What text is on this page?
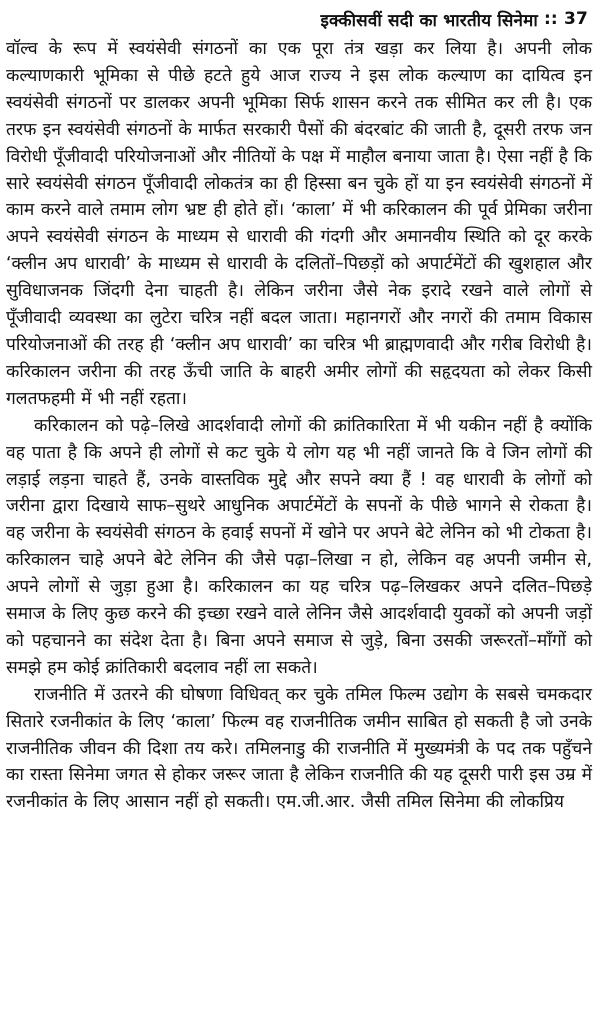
इक्कीसवीं सदी का भारतीय सिनेमा :: 37

वॉल्व के रूप में स्वयंसेवी संगठनों का एक पूरा तंत्र खड़ा कर लिया है। अपनी लोक कल्याणकारी भूमिका से पीछे हटते हुये आज राज्य ने इस लोक कल्याण का दायित्व इन स्वयंसेवी संगठनों पर डालकर अपनी भूमिका सिर्फ शासन करने तक सीमित कर ली है। एक तरफ इन स्वयंसेवी संगठनों के मार्फत सरकारी पैसों की बंदरबांट की जाती है, दूसरी तरफ जन विरोधी पूँजीवादी परियोजनाओं और नीतियों के पक्ष में माहौल बनाया जाता है। ऐसा नहीं है कि सारे स्वयंसेवी संगठन पूँजीवादी लोकतंत्र का ही हिस्सा बन चुके हों या इन स्वयंसेवी संगठनों में काम करने वाले तमाम लोग भ्रष्ट ही होते हों। ‘काला’ में भी करिकालन की पूर्व प्रेमिका जरीना अपने स्वयंसेवी संगठन के माध्यम से धारावी की गंदगी और अमानवीय स्थिति को दूर करके ‘क्लीन अप धारावी’ के माध्यम से धारावी के दलितों–पिछड़ों को अपार्टमेंटों की खुशहाल और सुविधाजनक जिंदगी देना चाहती है। लेकिन जरीना जैसे नेक इरादे रखने वाले लोगों से पूँजीवादी व्यवस्था का लुटेरा चरित्र नहीं बदल जाता। महानगरों और नगरों की तमाम विकास परियोजनाओं की तरह ही ‘क्लीन अप धारावी’ का चरित्र भी ब्राह्मणवादी और गरीब विरोधी है। करिकालन जरीना की तरह ऊँची जाति के बाहरी अमीर लोगों की सहृदयता को लेकर किसी गलतफहमी में भी नहीं रहता।

करिकालन को पढ़े–लिखे आदर्शवादी लोगों की क्रांतिकारिता में भी यकीन नहीं है क्योंकि वह पाता है कि अपने ही लोगों से कट चुके ये लोग यह भी नहीं जानते कि वे जिन लोगों की लड़ाई लड़ना चाहते हैं, उनके वास्तविक मुद्दे और सपने क्या हैं ! वह धारावी के लोगों को जरीना द्वारा दिखाये साफ–सुथरे आधुनिक अपार्टमेंटों के सपनों के पीछे भागने से रोकता है। वह जरीना के स्वयंसेवी संगठन के हवाई सपनों में खोने पर अपने बेटे लेनिन को भी टोकता है। करिकालन चाहे अपने बेटे लेनिन की जैसे पढ़ा–लिखा न हो, लेकिन वह अपनी जमीन से, अपने लोगों से जुड़ा हुआ है। करिकालन का यह चरित्र पढ़–लिखकर अपने दलित–पिछड़े समाज के लिए कुछ करने की इच्छा रखने वाले लेनिन जैसे आदर्शवादी युवकों को अपनी जड़ों को पहचानने का संदेश देता है। बिना अपने समाज से जुड़े, बिना उसकी जरूरतों–माँगों को समझे हम कोई क्रांतिकारी बदलाव नहीं ला सकते।

राजनीति में उतरने की घोषणा विधिवत् कर चुके तमिल फिल्म उद्योग के सबसे चमकदार सितारे रजनीकांत के लिए ‘काला’ फिल्म वह राजनीतिक जमीन साबित हो सकती है जो उनके राजनीतिक जीवन की दिशा तय करे। तमिलनाडु की राजनीति में मुख्यमंत्री के पद तक पहुँचने का रास्ता सिनेमा जगत से होकर जरूर जाता है लेकिन राजनीति की यह दूसरी पारी इस उम्र में रजनीकांत के लिए आसान नहीं हो सकती। एम.जी.आर. जैसी तमिल सिनेमा की लोकप्रिय
